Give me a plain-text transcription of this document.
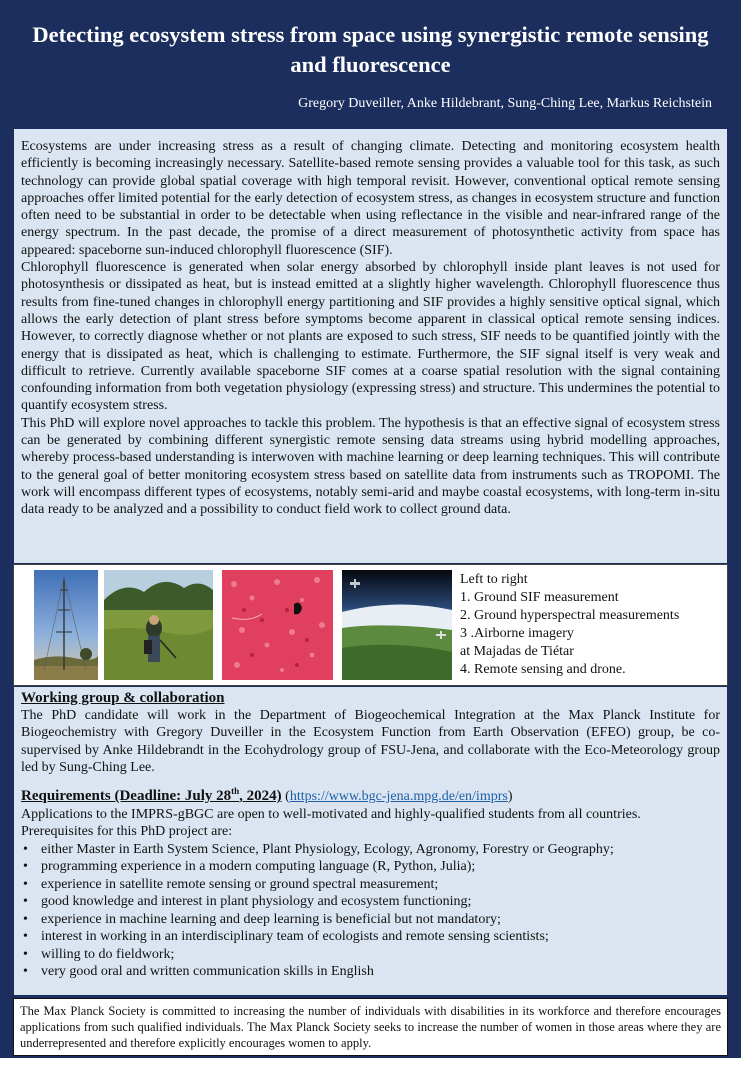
Detecting ecosystem stress from space using synergistic remote sensing and fluorescence
Gregory Duveiller, Anke Hildebrant, Sung-Ching Lee, Markus Reichstein

Ecosystems are under increasing stress as a result of changing climate. Detecting and monitoring ecosystem health efficiently is becoming increasingly necessary. Satellite-based remote sensing provides a valuable tool for this task, as such technology can provide global spatial coverage with high temporal revisit. However, conventional optical remote sensing approaches offer limited potential for the early detection of ecosystem stress, as changes in ecosystem structure and function often need to be substantial in order to be detectable when using reflectance in the visible and near-infrared range of the energy spectrum. In the past decade, the promise of a direct measurement of photosynthetic activity from space has appeared: spaceborne sun-induced chlorophyll fluorescence (SIF).

Chlorophyll fluorescence is generated when solar energy absorbed by chlorophyll inside plant leaves is not used for photosynthesis or dissipated as heat, but is instead emitted at a slightly higher wavelength. Chlorophyll fluorescence thus results from fine-tuned changes in chlorophyll energy partitioning and SIF provides a highly sensitive optical signal, which allows the early detection of plant stress before symptoms become apparent in classical optical remote sensing indices. However, to correctly diagnose whether or not plants are exposed to such stress, SIF needs to be quantified jointly with the energy that is dissipated as heat, which is challenging to estimate. Furthermore, the SIF signal itself is very weak and difficult to retrieve. Currently available spaceborne SIF comes at a coarse spatial resolution with the signal containing confounding information from both vegetation physiology (expressing stress) and structure. This undermines the potential to quantify ecosystem stress.

This PhD will explore novel approaches to tackle this problem. The hypothesis is that an effective signal of ecosystem stress can be generated by combining different synergistic remote sensing data streams using hybrid modelling approaches, whereby process-based understanding is interwoven with machine learning or deep learning techniques. This will contribute to the general goal of better monitoring ecosystem stress based on satellite data from instruments such as TROPOMI. The work will encompass different types of ecosystems, notably semi-arid and maybe coastal ecosystems, with long-term in-situ data ready to be analyzed and a possibility to conduct field work to collect ground data.

Left to right
1. Ground SIF measurement
2. Ground hyperspectral measurements
3 .Airborne imagery
at Majadas de Tiétar
4. Remote sensing and drone.
Working group & collaboration

The PhD candidate will work in the Department of Biogeochemical Integration at the Max Planck Institute for Biogeochemistry with Gregory Duveiller in the Ecosystem Function from Earth Observation (EFEO) group, be co-supervised by Anke Hildebrandt in the Ecohydrology group of FSU-Jena, and collaborate with the Eco-Meteorology group led by Sung-Ching Lee.

Requirements (Deadline: July 28th, 2024) (https://www.bgc-jena.mpg.de/en/imprs)

Applications to the IMPRS-gBGC are open to well-motivated and highly-qualified students from all countries.

Prerequisites for this PhD project are:

• either Master in Earth System Science, Plant Physiology, Ecology, Agronomy, Forestry or Geography;
• programming experience in a modern computing language (R, Python, Julia);
• experience in satellite remote sensing or ground spectral measurement;
• good knowledge and interest in plant physiology and ecosystem functioning;
• experience in machine learning and deep learning is beneficial but not mandatory;
• interest in working in an interdisciplinary team of ecologists and remote sensing scientists;
• willing to do fieldwork;
• very good oral and written communication skills in English
The Max Planck Society is committed to increasing the number of individuals with disabilities in its workforce and therefore encourages applications from such qualified individuals. The Max Planck Society seeks to increase the number of women in those areas where they are underrepresented and therefore explicitly encourages women to apply.
